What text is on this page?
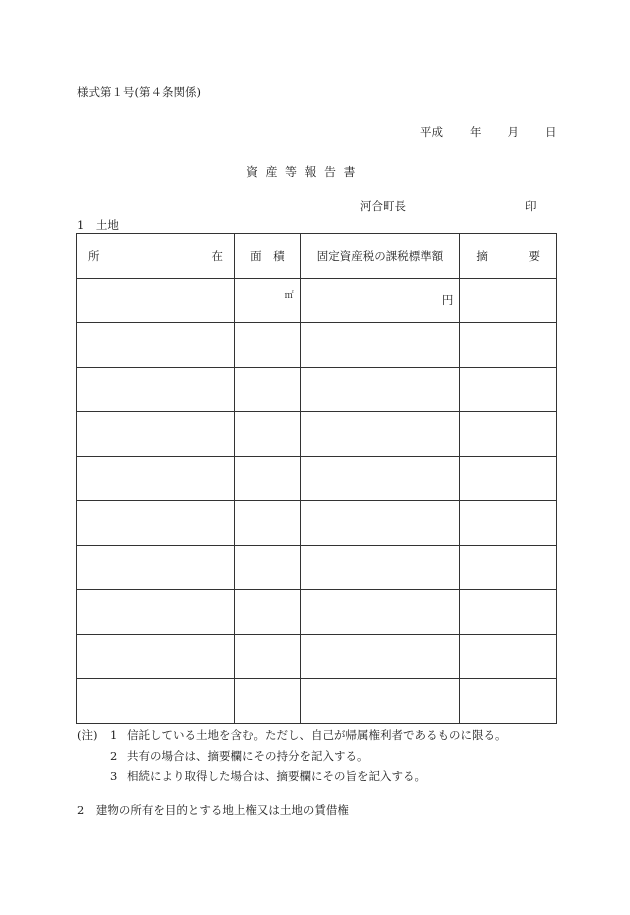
様式第１号(第４条関係)
平成 年 月 日
資産等報告書
河合町長	印
1　土地
所 在	面　積	固定資産税の課税標準額	摘 要

	㎡	円	

(注)	1 信託している土地を含む。ただし、自己が帰属権利者であるものに限る。
2 共有の場合は、摘要欄にその持分を記入する。
3 相続により取得した場合は、摘要欄にその旨を記入する。
2　建物の所有を目的とする地上権又は土地の賃借権
